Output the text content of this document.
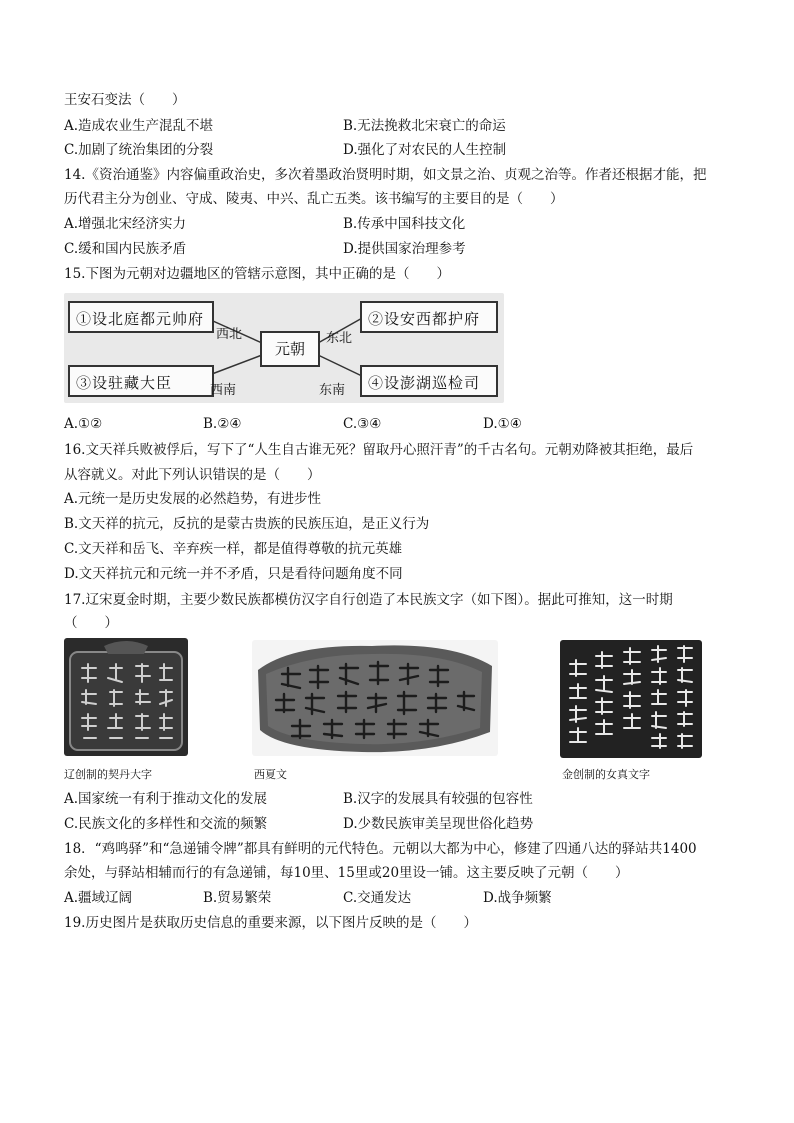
王安石变法（　　）
A.造成农业生产混乱不堪	B.无法挽救北宋衰亡的命运
C.加剧了统治集团的分裂	D.强化了对农民的人生控制
14.《资治通鉴》内容偏重政治史，多次着墨政治贤明时期，如文景之治、贞观之治等。作者还根据才能，把
历代君主分为创业、守成、陵夷、中兴、乱亡五类。该书编写的主要目的是（　　）
A.增强北宋经济实力	B.传承中国科技文化
C.缓和国内民族矛盾	D.提供国家治理参考
15.下图为元朝对边疆地区的管辖示意图，其中正确的是（　　）
①设北庭都元帅府	②设安西都护府
③设驻藏大臣	④设澎湖巡检司
元朝
西北	东北
西南	东南
A.①②	B.②④	C.③④	D.①④
16.文天祥兵败被俘后，写下了“人生自古谁无死？留取丹心照汗青”的千古名句。元朝劝降被其拒绝，最后
从容就义。对此下列认识错误的是（　　）
A.元统一是历史发展的必然趋势，有进步性
B.文天祥的抗元，反抗的是蒙古贵族的民族压迫，是正义行为
C.文天祥和岳飞、辛弃疾一样，都是值得尊敬的抗元英雄
D.文天祥抗元和元统一并不矛盾，只是看待问题角度不同
17.辽宋夏金时期，主要少数民族都模仿汉字自行创造了本民族文字（如下图）。据此可推知，这一时期
（　　）
辽创制的契丹大字	西夏文	金创制的女真文字
A.国家统一有利于推动文化的发展	B.汉字的发展具有较强的包容性
C.民族文化的多样性和交流的频繁	D.少数民族审美呈现世俗化趋势
18．“鸡鸣驿”和“急递铺令牌”都具有鲜明的元代特色。元朝以大都为中心，修建了四通八达的驿站共1400
余处，与驿站相辅而行的有急递铺，每10里、15里或20里设一铺。这主要反映了元朝（　　）
A.疆域辽阔	B.贸易繁荣	C.交通发达	D.战争频繁
19.历史图片是获取历史信息的重要来源，以下图片反映的是（　　）
